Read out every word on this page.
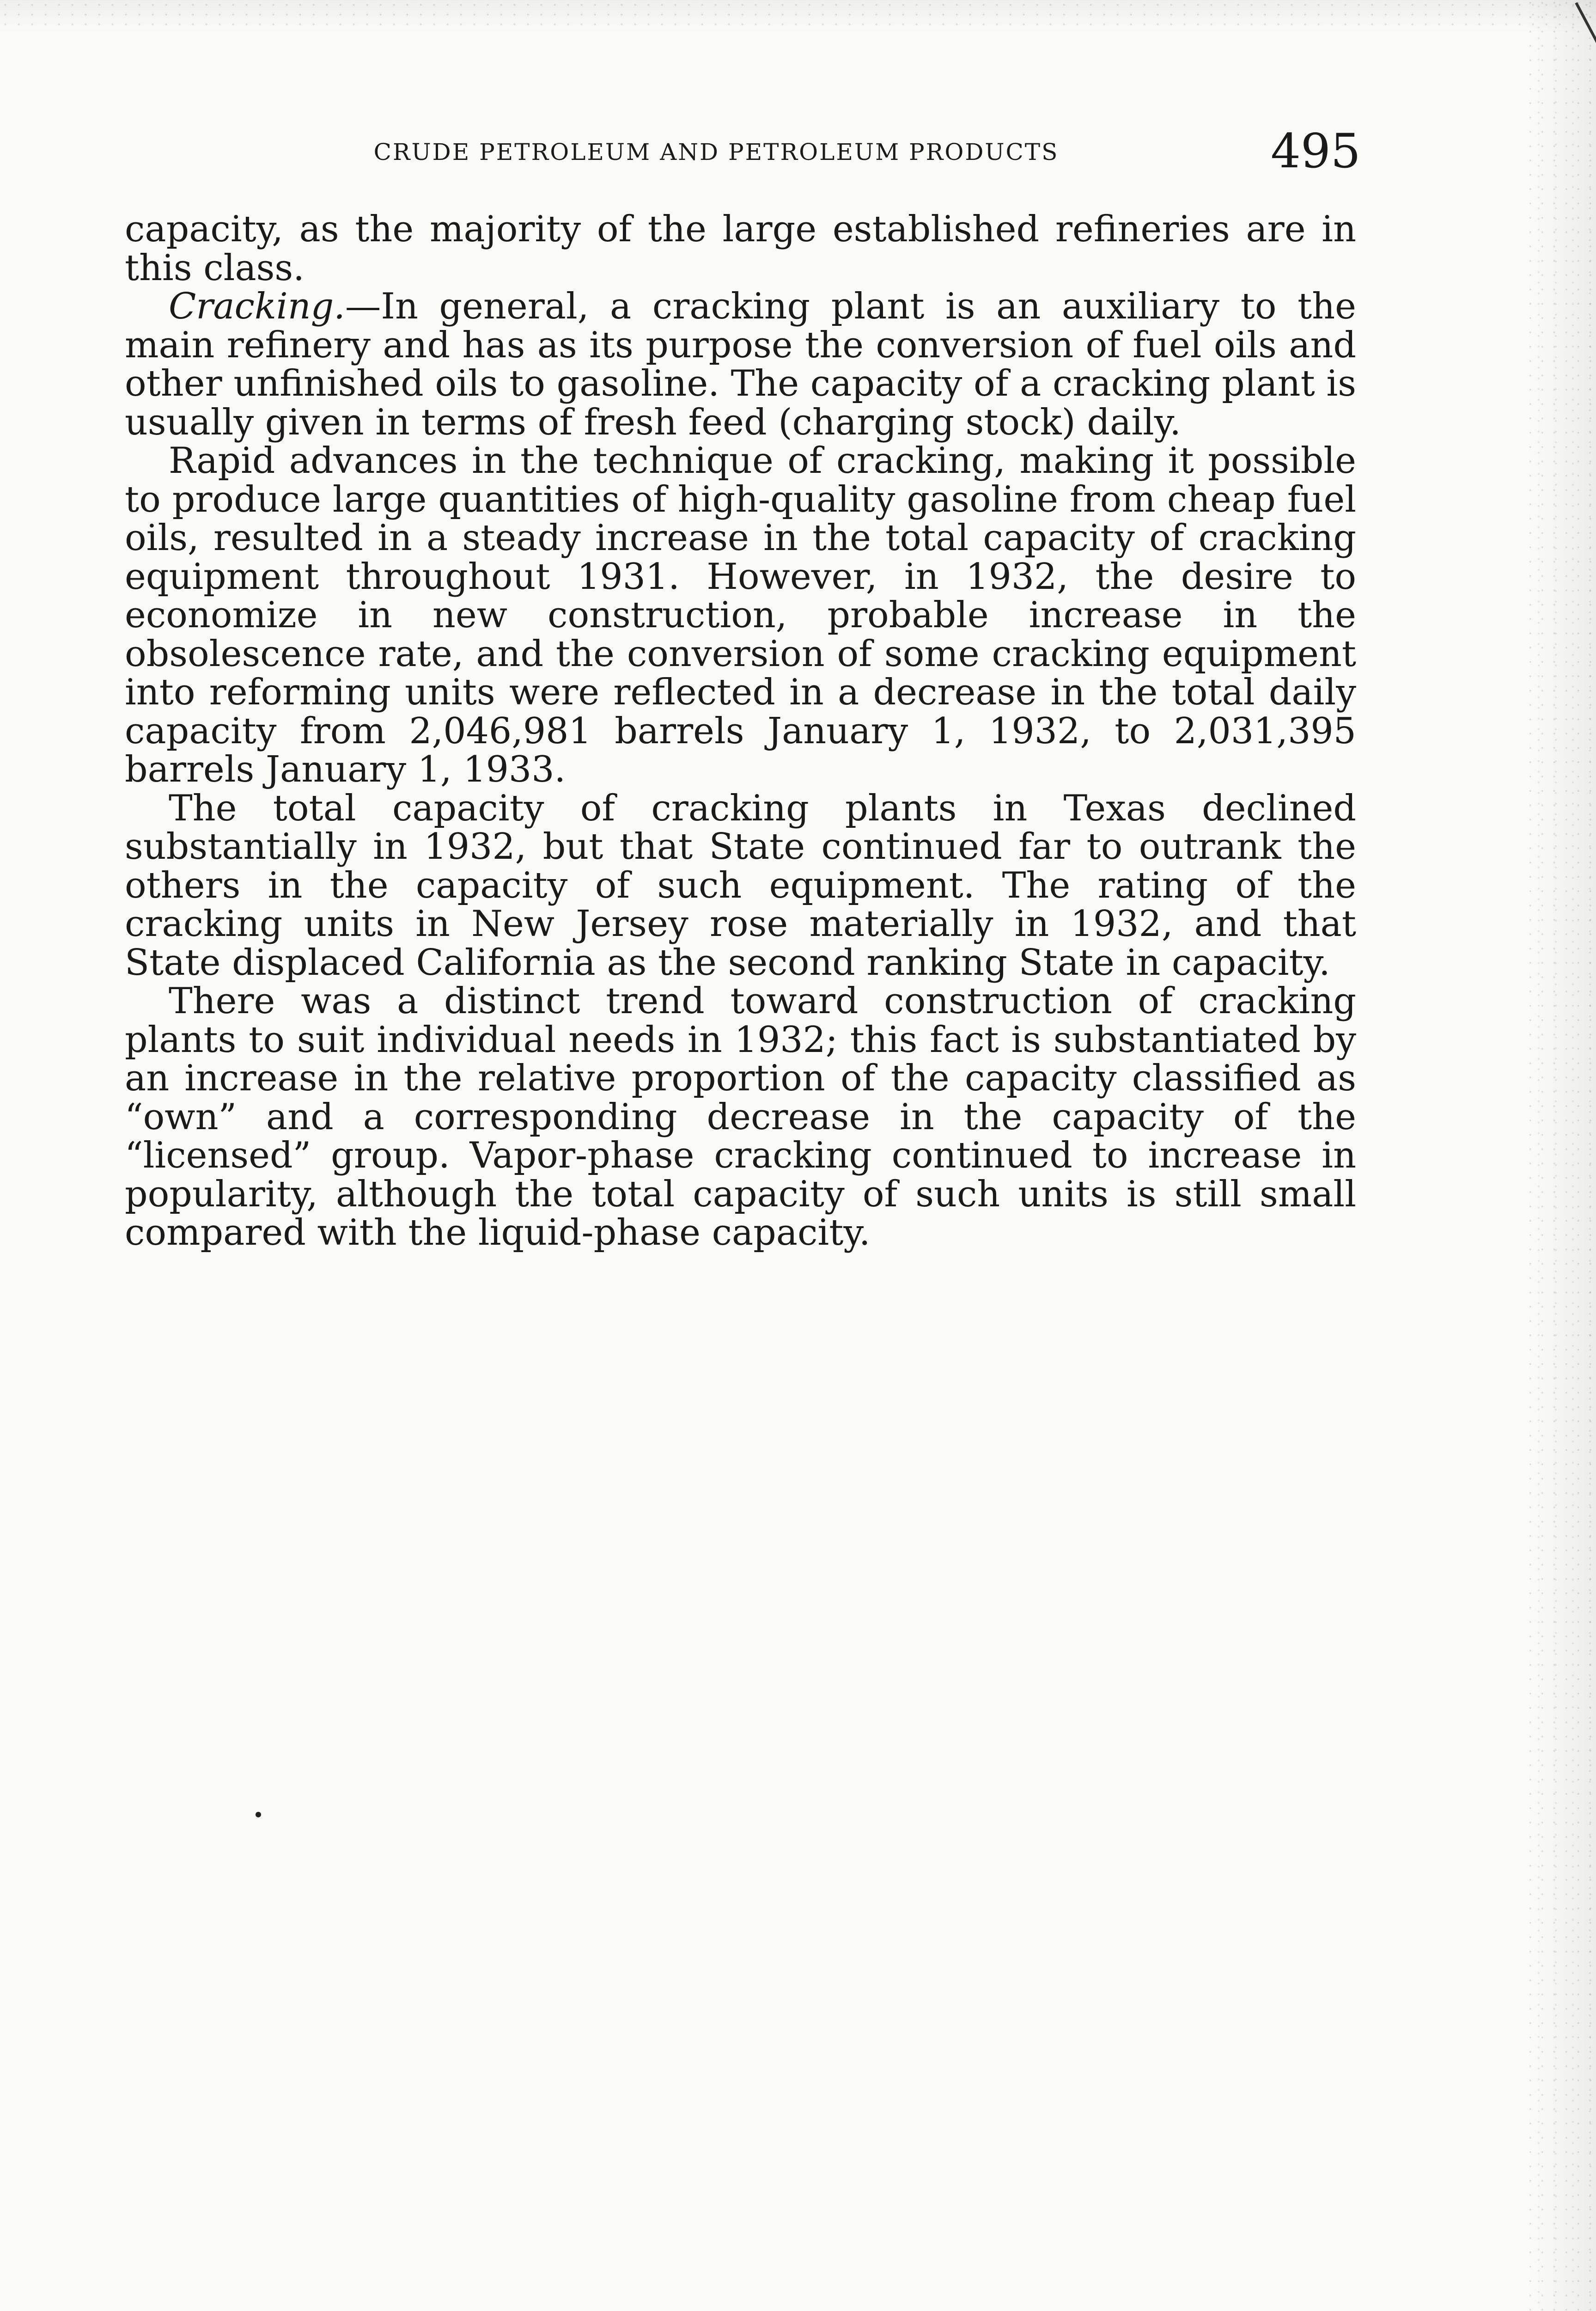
CRUDE PETROLEUM AND PETROLEUM PRODUCTS	495

capacity, as the majority of the large established refineries are in this class.

Cracking.—In general, a cracking plant is an auxiliary to the main refinery and has as its purpose the conversion of fuel oils and other unfinished oils to gasoline. The capacity of a cracking plant is usually given in terms of fresh feed (charging stock) daily.

Rapid advances in the technique of cracking, making it possible to produce large quantities of high-quality gasoline from cheap fuel oils, resulted in a steady increase in the total capacity of cracking equipment throughout 1931. However, in 1932, the desire to economize in new construction, probable increase in the obsolescence rate, and the conversion of some cracking equipment into reforming units were reflected in a decrease in the total daily capacity from 2,046,981 barrels January 1, 1932, to 2,031,395 barrels January 1, 1933.

The total capacity of cracking plants in Texas declined substantially in 1932, but that State continued far to outrank the others in the capacity of such equipment. The rating of the cracking units in New Jersey rose materially in 1932, and that State displaced California as the second ranking State in capacity.

There was a distinct trend toward construction of cracking plants to suit individual needs in 1932; this fact is substantiated by an increase in the relative proportion of the capacity classified as “own” and a corresponding decrease in the capacity of the “licensed” group. Vapor-phase cracking continued to increase in popularity, although the total capacity of such units is still small compared with the liquid-phase capacity.
